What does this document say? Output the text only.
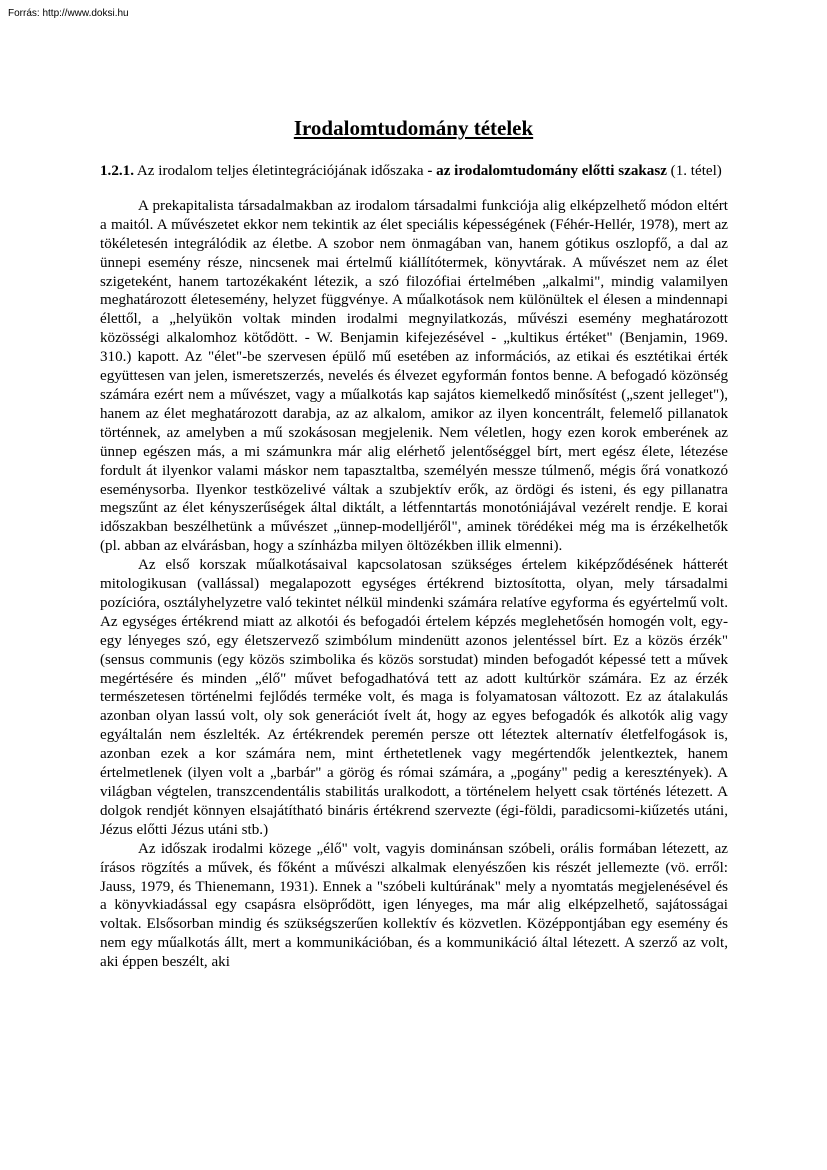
Forrás: http://www.doksi.hu
Irodalomtudomány tételek

1.2.1. Az irodalom teljes életintegrációjának időszaka - az irodalomtudomány előtti szakasz (1. tétel)

A prekapitalista társadalmakban az irodalom társadalmi funkciója alig elképzelhető módon eltért a maitól. A művészetet ekkor nem tekintik az élet speciális képességének (Féhér-Hellér, 1978), mert az tökéletesén integrálódik az életbe. A szobor nem önmagában van, hanem gótikus oszlopfő, a dal az ünnepi esemény része, nincsenek mai értelmű kiállítótermek, könyvtárak. A művészet nem az élet szigeteként, hanem tartozékaként létezik, a szó filozófiai értelmében „alkalmi", mindig valamilyen meghatározott életesemény, helyzet függvénye. A műalkotások nem különültek el élesen a mindennapi élettől, a „helyükön voltak minden irodalmi megnyilatkozás, művészi esemény meghatározott közösségi alkalomhoz kötődött. - W. Benjamin kifejezésével - „kultikus értéket" (Benjamin, 1969. 310.) kapott. Az "élet"-be szervesen épülő mű esetében az információs, az etikai és esztétikai érték együttesen van jelen, ismeretszerzés, nevelés és élvezet egyformán fontos benne. A befogadó közönség számára ezért nem a művészet, vagy a műalkotás kap sajátos kiemelkedő minősítést („szent jelleget"), hanem az élet meghatározott darabja, az az alkalom, amikor az ilyen koncentrált, felemelő pillanatok történnek, az amelyben a mű szokásosan megjelenik. Nem véletlen, hogy ezen korok emberének az ünnep egészen más, a mi számunkra már alig elérhető jelentőséggel bírt, mert egész élete, létezése fordult át ilyenkor valami máskor nem tapasztaltba, személyén messze túlmenő, mégis őrá vonatkozó eseménysorba. Ilyenkor testközelivé váltak a szubjektív erők, az ördögi és isteni, és egy pillanatra megszűnt az élet kényszerűségek által diktált, a létfenntartás monotóniájával vezérelt rendje. E korai időszakban beszélhetünk a művészet „ünnep-modelljéről", aminek törédékei még ma is érzékelhetők (pl. abban az elvárásban, hogy a színházba milyen öltözékben illik elmenni).

Az első korszak műalkotásaival kapcsolatosan szükséges értelem kiképződésének hátterét mitologikusan (vallással) megalapozott egységes értékrend biztosította, olyan, mely társadalmi pozícióra, osztályhelyzetre való tekintet nélkül mindenki számára relatíve egyforma és egyértelmű volt. Az egységes értékrend miatt az alkotói és befogadói értelem képzés meglehetősén homogén volt, egy-egy lényeges szó, egy életszervező szimbólum mindenütt azonos jelentéssel bírt. Ez a közös érzék" (sensus communis (egy közös szimbolika és közös sorstudat) minden befogadót képessé tett a művek megértésére és minden „élő" művet befogadhatóvá tett az adott kultúrkör számára. Ez az érzék természetesen történelmi fejlődés terméke volt, és maga is folyamatosan változott. Ez az átalakulás azonban olyan lassú volt, oly sok generációt ívelt át, hogy az egyes befogadók és alkotók alig vagy egyáltalán nem észlelték. Az értékrendek peremén persze ott léteztek alternatív életfelfogások is, azonban ezek a kor számára nem, mint érthetetlenek vagy megértendők jelentkeztek, hanem értelmetlenek (ilyen volt a „barbár" a görög és római számára, a „pogány" pedig a keresztények). A világban végtelen, transzcendentális stabilitás uralkodott, a történelem helyett csak történés létezett. A dolgok rendjét könnyen elsajátítható bináris értékrend szervezte (égi-földi, paradicsomi-kiűzetés utáni, Jézus előtti Jézus utáni stb.)

Az időszak irodalmi közege „élő" volt, vagyis dominánsan szóbeli, orális formában létezett, az írásos rögzítés a művek, és főként a művészi alkalmak elenyészően kis részét jellemezte (vö. erről: Jauss, 1979, és Thienemann, 1931). Ennek a "szóbeli kultúrának" mely a nyomtatás megjelenésével és a könyvkiadással egy csapásra elsöprődött, igen lényeges, ma már alig elképzelhető, sajátosságai voltak. Elsősorban mindig és szükségszerűen kollektív és közvetlen. Középpontjában egy esemény és nem egy műalkotás állt, mert a kommunikációban, és a kommunikáció által létezett. A szerző az volt, aki éppen beszélt, aki
